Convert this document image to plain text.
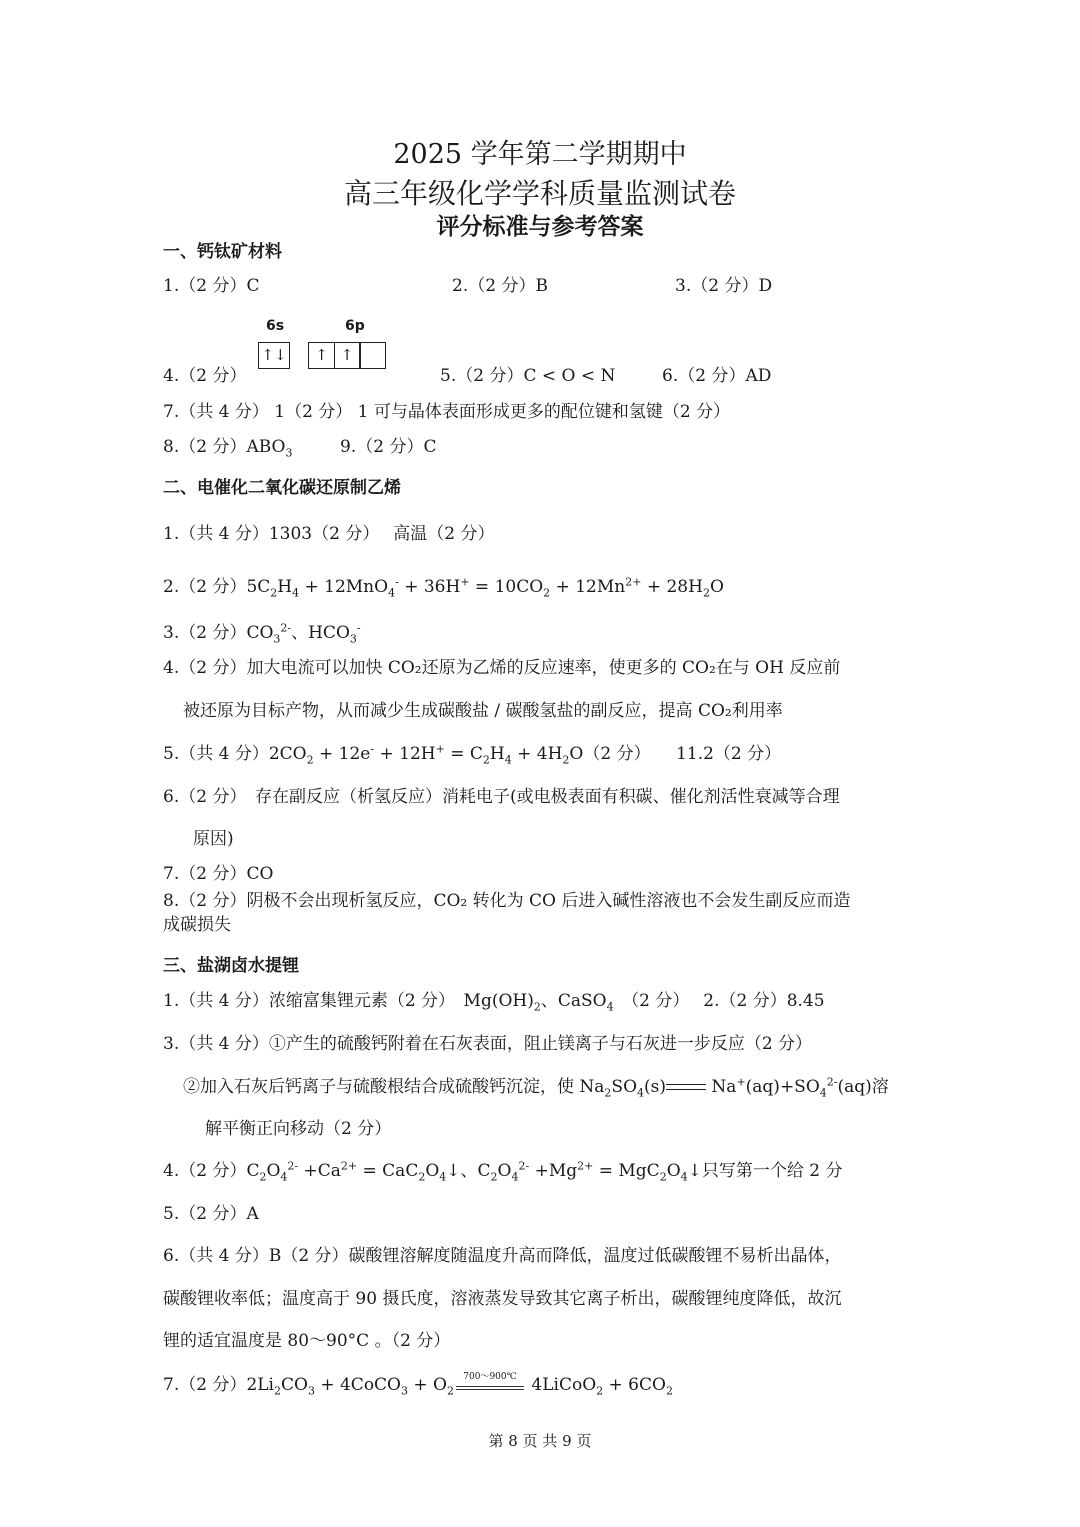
2025 学年第二学期期中
高三年级化学学科质量监测试卷
评分标准与参考答案
一、钙钛矿材料
1.（2 分）C	2.（2 分）B	3.（2 分）D
6s	6p
↑↓	↑ ↑
4.（2 分）	5.（2 分）C < O < N	6.（2 分）AD
7.（共 4 分） 1（2 分） 1 可与晶体表面形成更多的配位键和氢键（2 分）
8.（2 分）$ABO_3$	9.（2 分）C
二、电催化二氧化碳还原制乙烯
1.（共 4 分）1303（2 分）　 高温（2 分）
2.（2 分）$5C_2H_4 + 12MnO_4^- + 36H^+ = 10CO_2 + 12Mn^{2+} + 28H_2O$
3.（2 分）$CO_3^{2-}$、$HCO_3^-$
4.（2 分）加大电流可以加快 CO₂还原为乙烯的反应速率，使更多的 CO₂在与 OH 反应前
被还原为目标产物，从而减少生成碳酸盐 / 碳酸氢盐的副反应，提高 CO₂利用率
5.（共 4 分）$2CO_2 + 12e^- + 12H^+ = C_2H_4 + 4H_2O(2$ 分）　　11.2（2 分）
6.（2 分）　存在副反应（析氢反应）消耗电子(或电极表面有积碳、催化剂活性衰减等合理
原因)
7.（2 分）CO
8.（2 分）阴极不会出现析氢反应，CO₂ 转化为 CO 后进入碱性溶液也不会发生副反应而造
成碳损失
三、盐湖卤水提锂
1.（共 4 分）浓缩富集锂元素（2 分）　$Mg(OH)_2$、CaSO$_4$　（2 分）　 2.（2 分）8.45
3.（共 4 分）①产生的硫酸钙附着在石灰表面，阻止镁离子与石灰进一步反应（2 分）
②加入石灰后钙离子与硫酸根结合成硫酸钙沉淀，使 $Na_2SO_4(s)$
$Na^+(aq)+SO_4^{2-}(aq)$溶
解平衡正向移动（2 分）
4.（2 分）$C_2O_4^{2-} +Ca^{2+}$ = $CaC_2O_4↓$、$C_2O_4^{2-} +Mg^{2+}$ = $MgC_2O_4↓$只写第一个给 2 分
5.（2 分）A
6.（共 4 分）B（2 分）碳酸锂溶解度随温度升高而降低，温度过低碳酸锂不易析出晶体，
碳酸锂收率低；温度高于 90 摄氏度，溶液蒸发导致其它离子析出，碳酸锂纯度降低，故沉
锂的适宜温度是 80～90°C 。（2 分）
7.（2 分）$2Li_2CO_3$ + 4CoCO$_3$ + $O_2$
700～900℃ 4LiCoO$_2$ + $6CO_2$
第 8 页 共 9 页
